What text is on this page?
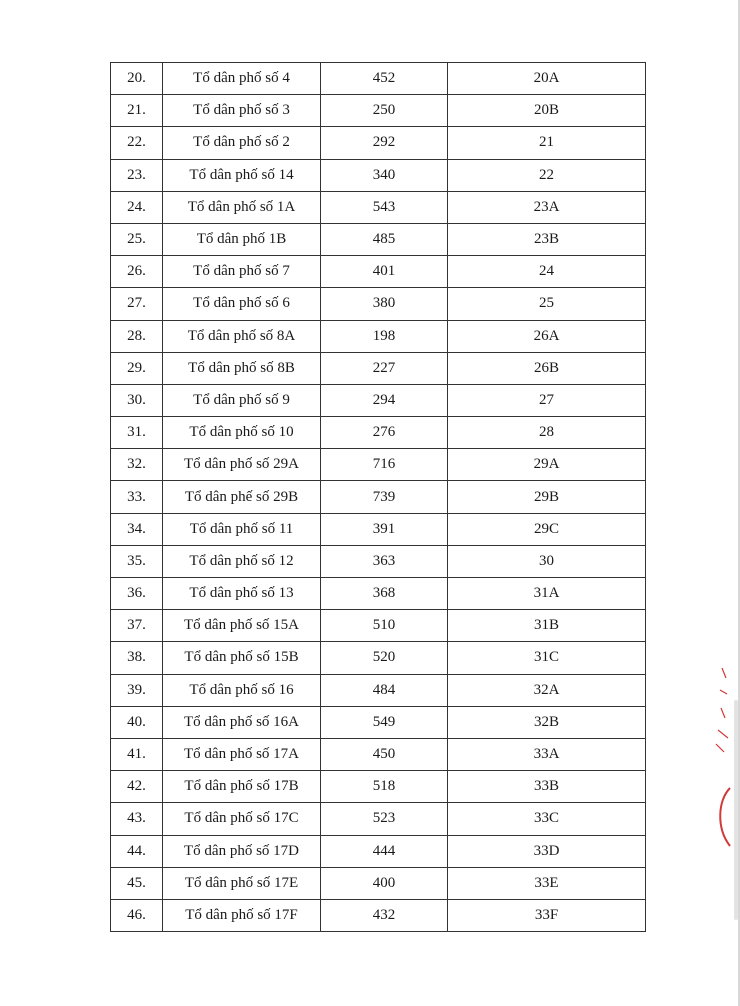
20.	Tổ dân phố số 4	452	20A
21.	Tổ dân phố số 3	250	20B
22.	Tổ dân phố số 2	292	21
23.	Tổ dân phố số 14	340	22
24.	Tổ dân phố số 1A	543	23A
25.	Tổ dân phố 1B	485	23B
26.	Tổ dân phố số 7	401	24
27.	Tổ dân phố số 6	380	25
28.	Tổ dân phố số 8A	198	26A
29.	Tổ dân phố số 8B	227	26B
30.	Tổ dân phố số 9	294	27
31.	Tổ dân phố số 10	276	28
32.	Tổ dân phố số 29A	716	29A
33.	Tổ dân phế số 29B	739	29B
34.	Tổ dân phố số 11	391	29C
35.	Tổ dân phố số 12	363	30
36.	Tổ dân phố số 13	368	31A
37.	Tổ dân phố số 15A	510	31B
38.	Tổ dân phố số 15B	520	31C
39.	Tổ dân phố số 16	484	32A
40.	Tổ dân phố số 16A	549	32B
41.	Tổ dân phố số 17A	450	33A
42.	Tổ dân phố số 17B	518	33B
43.	Tổ dân phố số 17C	523	33C
44.	Tổ dân phố số 17D	444	33D
45.	Tổ dân phố số 17E	400	33E
46.	Tổ dân phố số 17F	432	33F
